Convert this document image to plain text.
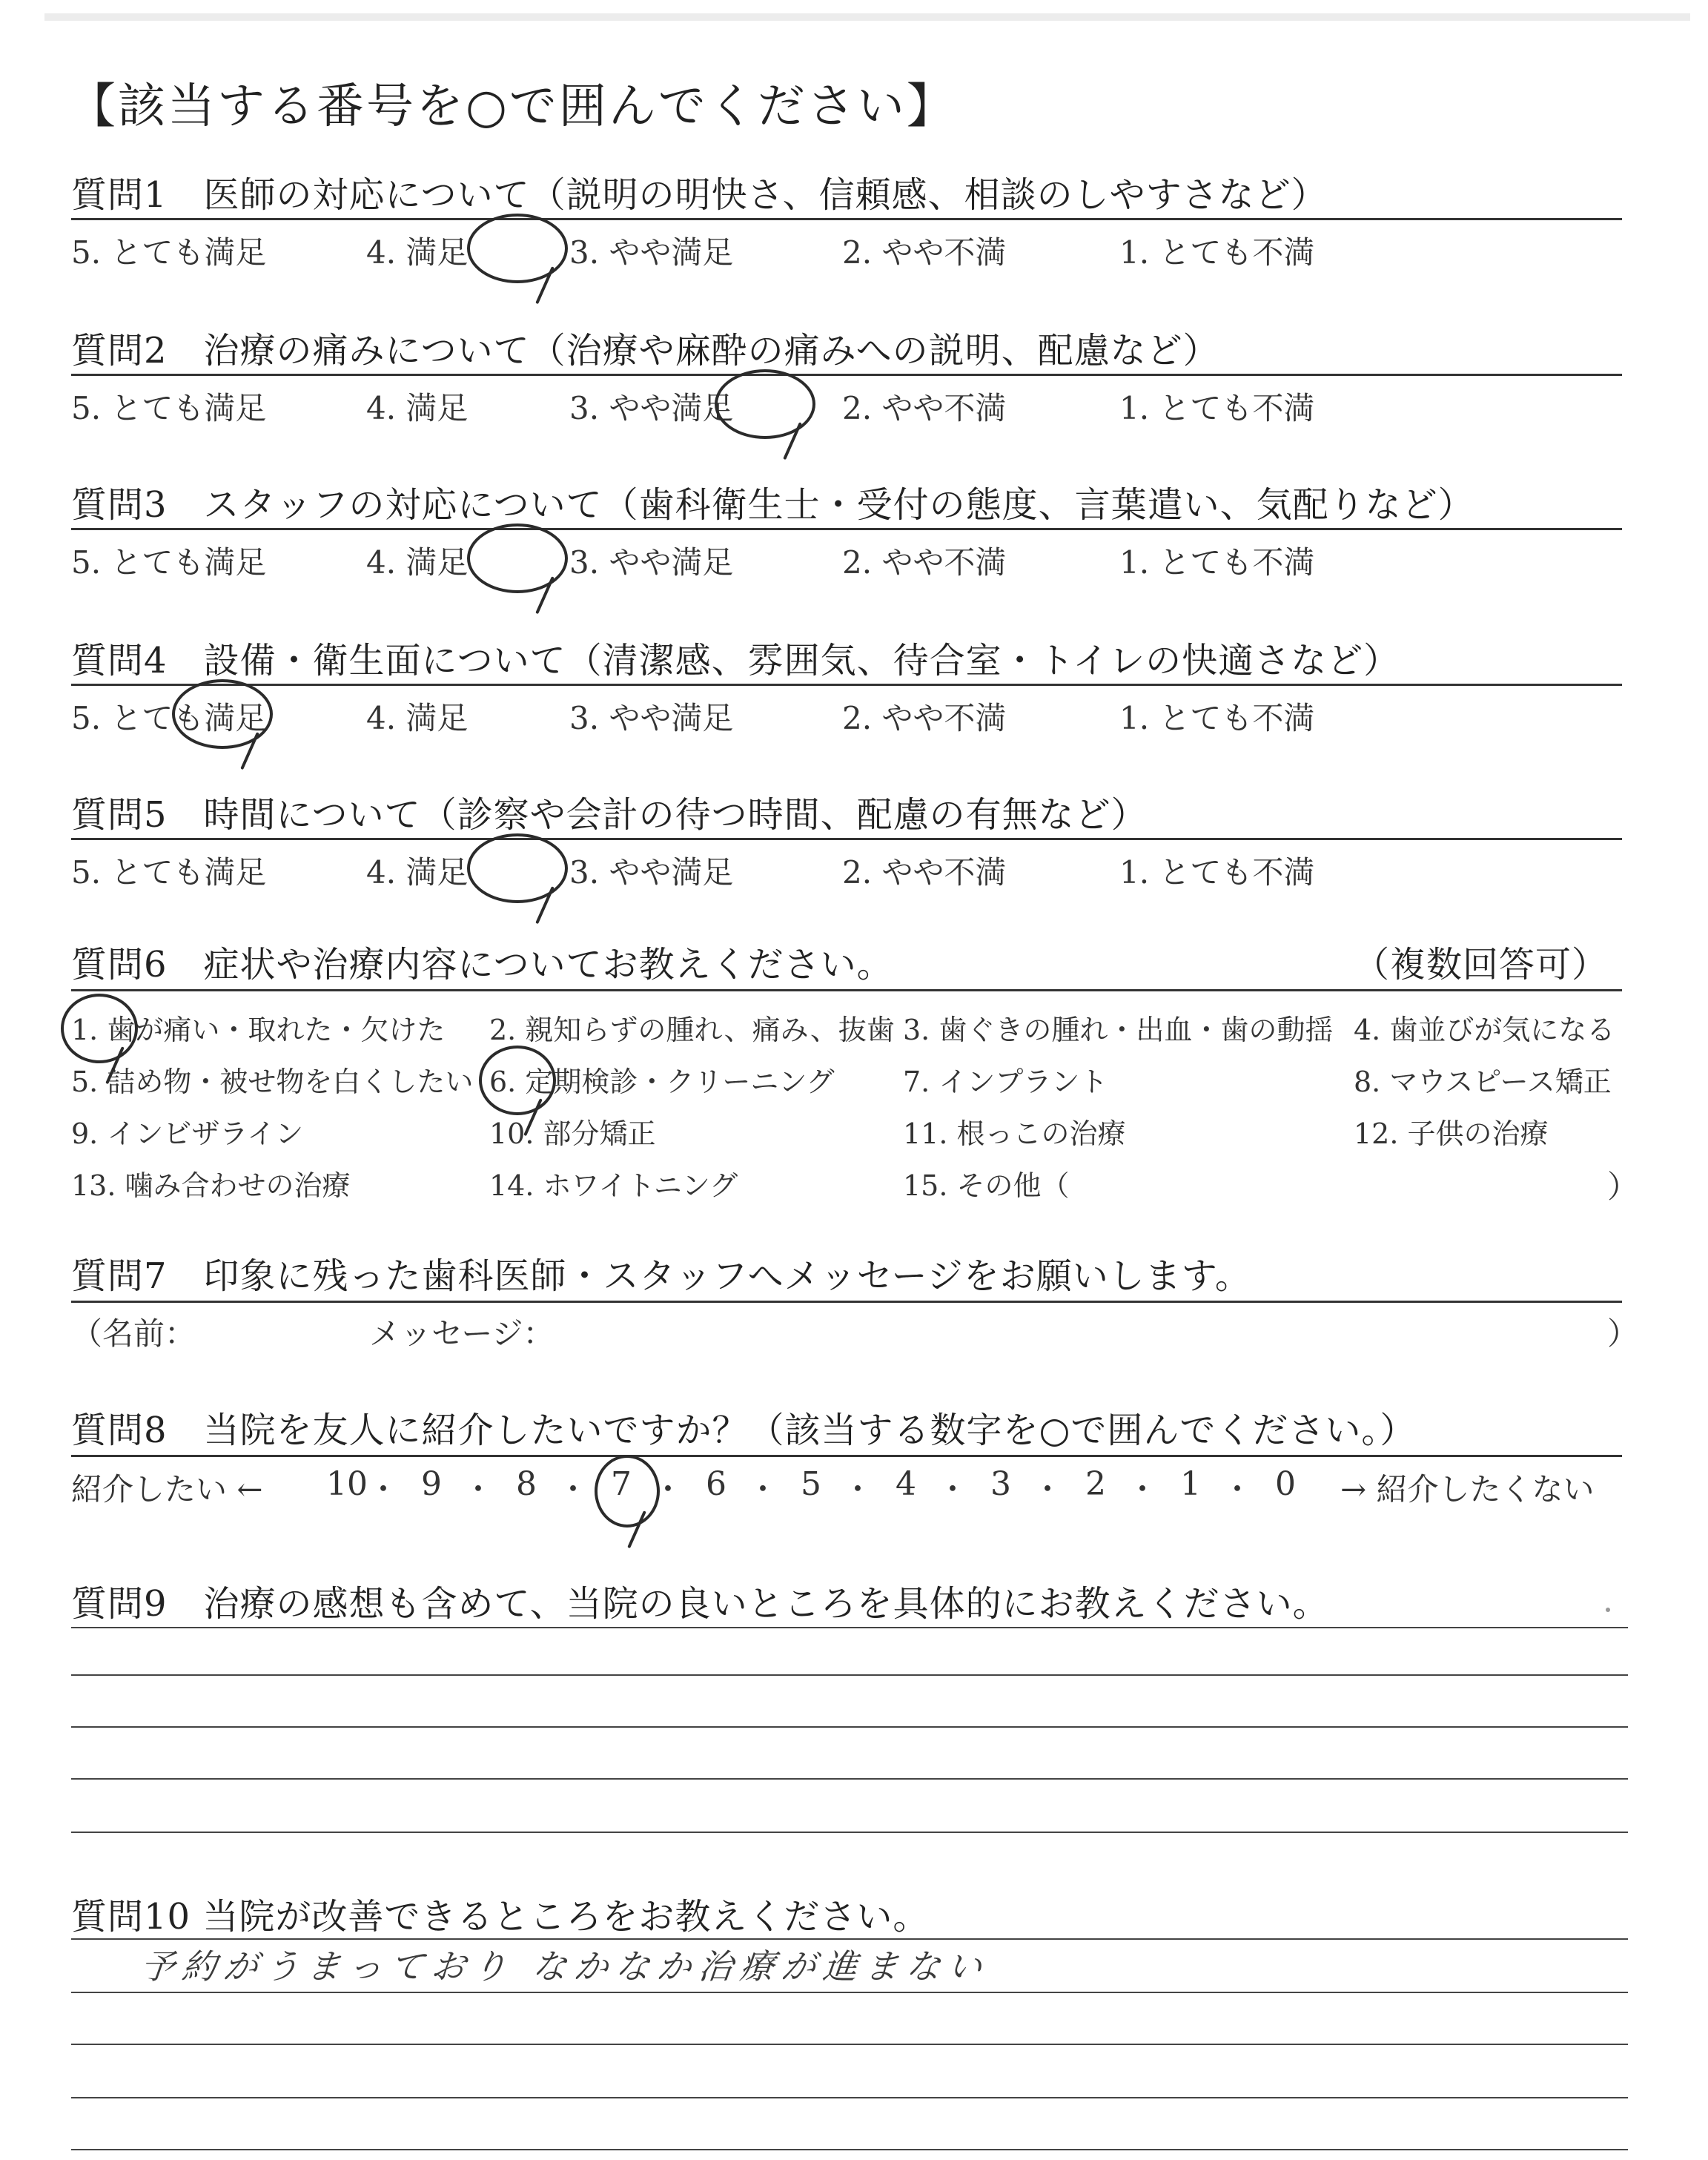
【該当する番号を○で囲んでください】
質問1　医師の対応について（説明の明快さ、信頼感、相談のしやすさなど）
5. とても満足	4. 満足	3. やや満足	2. やや不満	1. とても不満
質問2　治療の痛みについて（治療や麻酔の痛みへの説明、配慮など）
5. とても満足	4. 満足	3. やや満足	2. やや不満	1. とても不満
質問3　スタッフの対応について（歯科衛生士・受付の態度、言葉遣い、気配りなど）
5. とても満足	4. 満足	3. やや満足	2. やや不満	1. とても不満
質問4　設備・衛生面について（清潔感、雰囲気、待合室・トイレの快適さなど）
5. とても満足	4. 満足	3. やや満足	2. やや不満	1. とても不満
質問5　時間について（診察や会計の待つ時間、配慮の有無など）
5. とても満足	4. 満足	3. やや満足	2. やや不満	1. とても不満
質問6　症状や治療内容についてお教えください。	（複数回答可）
1. 歯が痛い・取れた・欠けた 2. 親知らずの腫れ、痛み、抜歯 3. 歯ぐきの腫れ・出血・歯の動揺 4. 歯並びが気になる
5. 詰め物・被せ物を白くしたい 6. 定期検診・クリーニング 7. インプラント	8. マウスピース矯正
9. インビザライン	10. 部分矯正	11. 根っこの治療	12. 子供の治療
13. 噛み合わせの治療	14. ホワイトニング	15. その他（	）
質問7　印象に残った歯科医師・スタッフへメッセージをお願いします。
（名前：	メッセージ：	）
質問8　当院を友人に紹介したいですか？（該当する数字を○で囲んでください。）
紹介したい ←	→ 紹介したくない
10 ・ 9 ・ 8 ・ 7 ・ 6 ・ 5 ・ 4 ・ 3 ・ 2 ・ 1 ・ 0
質問9　治療の感想も含めて、当院の良いところを具体的にお教えください。
質問10 当院が改善できるところをお教えください。
予約がうまっており なかなか治療が進まない
